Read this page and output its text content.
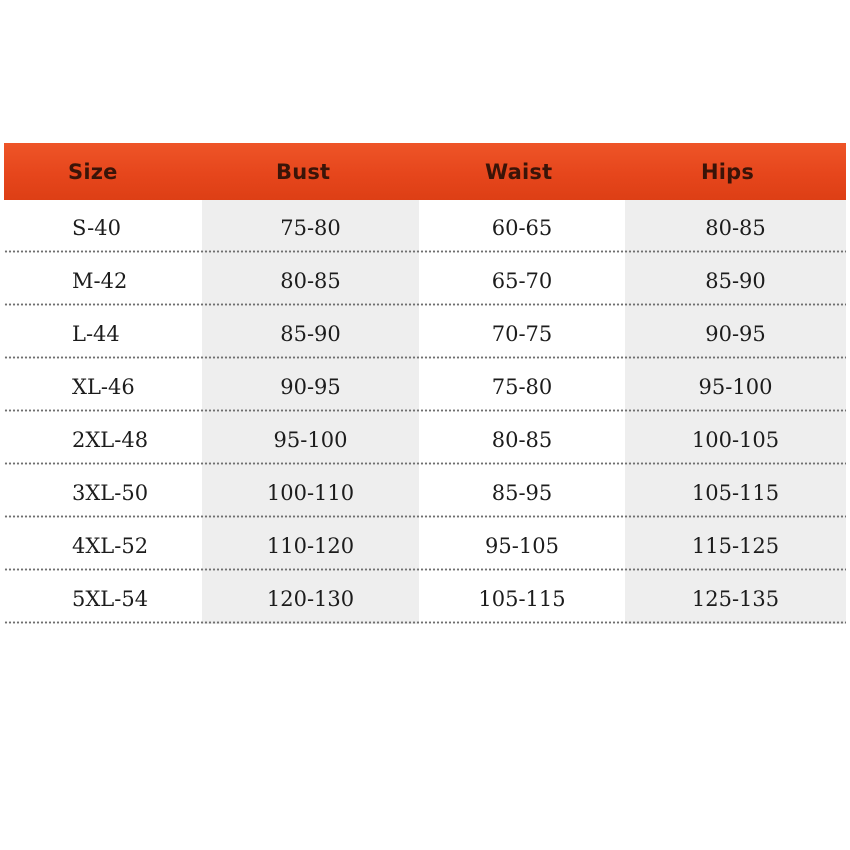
Size	Bust	Waist	Hips
S-40	75-80	60-65	80-85
M-42	80-85	65-70	85-90
L-44	85-90	70-75	90-95
XL-46	90-95	75-80	95-100
2XL-48	95-100	80-85	100-105
3XL-50	100-110	85-95	105-115
4XL-52	110-120	95-105	115-125
5XL-54	120-130	105-115	125-135
